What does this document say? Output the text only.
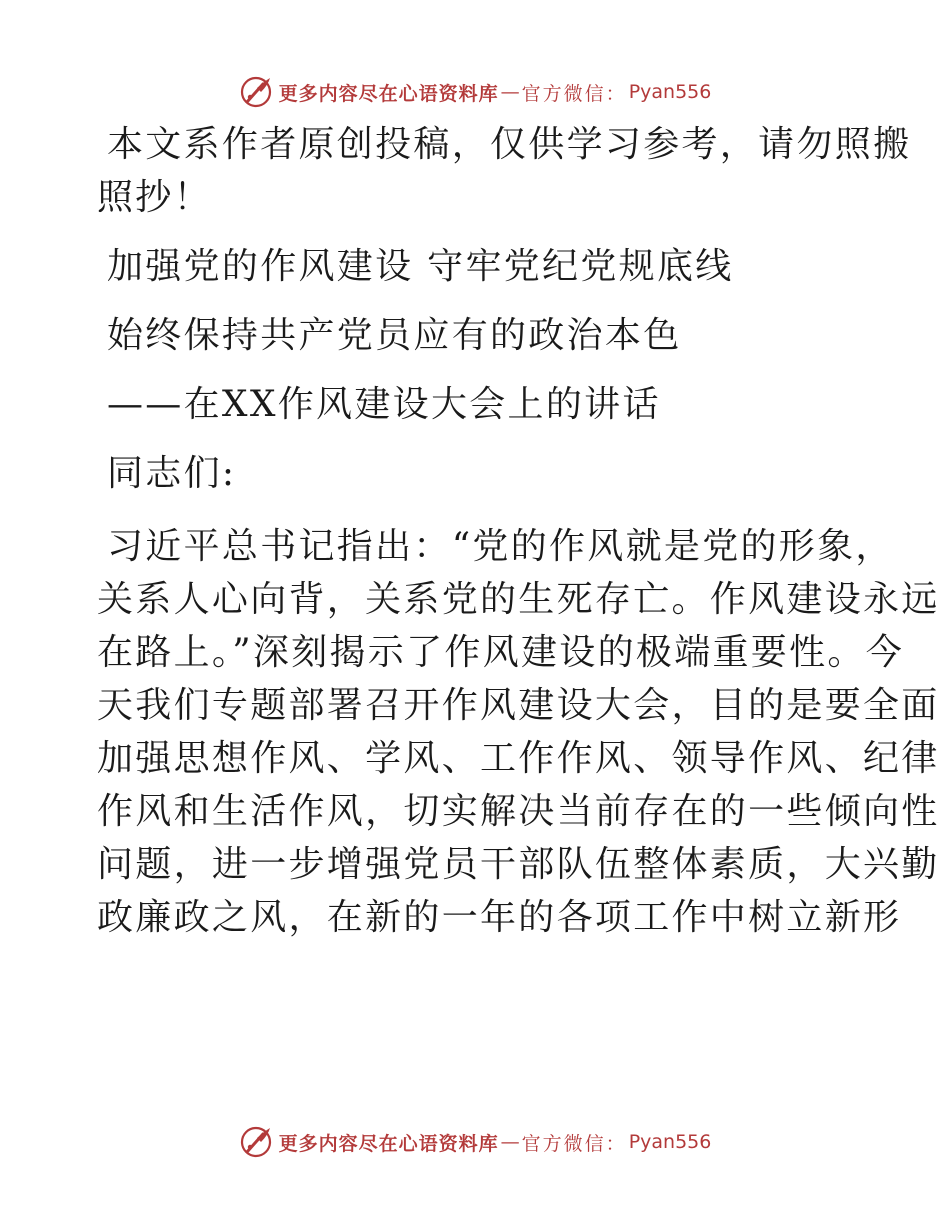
更多内容尽在心语资料库 — 官方微信： Pyan556

本文系作者原创投稿，仅供学习参考，请勿照搬
照抄！

加强党的作风建设 守牢党纪党规底线

始终保持共产党员应有的政治本色

——在XX作风建设大会上的讲话

同志们:

习近平总书记指出：“党的作风就是党的形象，
关系人心向背，关系党的生死存亡。作风建设永远
在路上。”深刻揭示了作风建设的极端重要性。今
天我们专题部署召开作风建设大会，目的是要全面
加强思想作风、学风、工作作风、领导作风、纪律
作风和生活作风，切实解决当前存在的一些倾向性
问题，进一步增强党员干部队伍整体素质，大兴勤
政廉政之风，在新的一年的各项工作中树立新形

更多内容尽在心语资料库 — 官方微信： Pyan556
